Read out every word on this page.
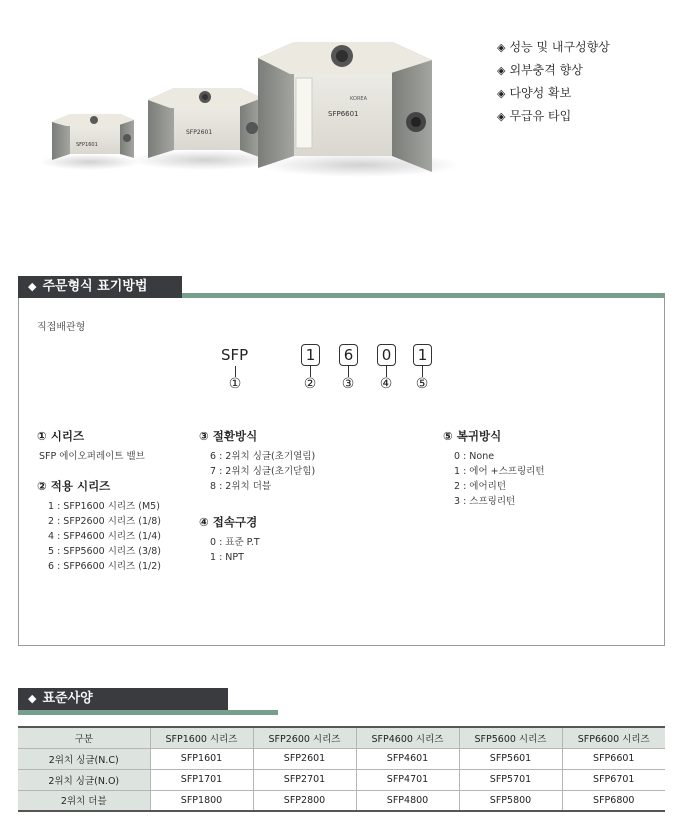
SFP1601
SFP2601
SFP6601
KOREA
◈ 성능 및 내구성향상
◈ 외부충격 향상
◈ 다양성 확보
◈ 무급유 타입
◆ 주문형식 표기방법
직접배관형
SFP
①
1
②
6
③
0
④
1
⑤
① 시리즈
SFP 에이오퍼레이트 밸브
② 적용 시리즈
1 : SFP1600 시리즈 (M5)
2 : SFP2600 시리즈 (1/8)
4 : SFP4600 시리즈 (1/4)
5 : SFP5600 시리즈 (3/8)
6 : SFP6600 시리즈 (1/2)
③ 절환방식
6 : 2위치 싱글(초기열림)
7 : 2위치 싱글(초기닫힘)
8 : 2위치 더블
④ 접속구경
0 : 표준 P.T
1 : NPT
⑤ 복귀방식
0 : None
1 : 에어 +스프링리턴
2 : 에어리턴
3 : 스프링리턴
◆ 표준사양
구분	SFP1600 시리즈	SFP2600 시리즈	SFP4600 시리즈	SFP5600 시리즈	SFP6600 시리즈
2위치 싱글(N.C)	SFP1601	SFP2601	SFP4601	SFP5601	SFP6601
2위치 싱글(N.O)	SFP1701	SFP2701	SFP4701	SFP5701	SFP6701
2위치 더블	SFP1800	SFP2800	SFP4800	SFP5800	SFP6800
